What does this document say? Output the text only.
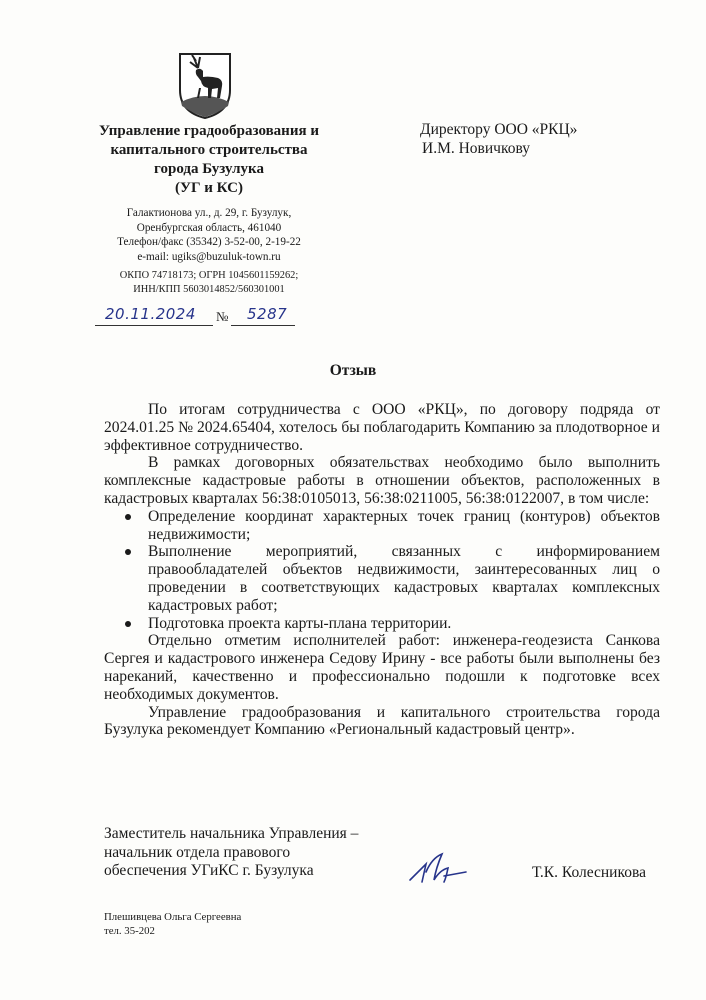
Управление градообразования и
капитального строительства
города Бузулука
(УГ и КС)

Галактионова ул., д. 29, г. Бузулук,
Оренбургская область, 461040
Телефон/факс (35342) 3-52-00, 2-19-22
e-mail: ugiks@buzuluk-town.ru
ОКПО 74718173; ОГРН 1045601159262;
ИНН/КПП 5603014852/560301001
20.11.2024 № 5287
Директору ООО «РКЦ»
И.М. Новичкову
Отзыв

По итогам сотрудничества с ООО «РКЦ», по договору подряда от 2024.01.25 № 2024.65404, хотелось бы поблагодарить Компанию за плодотворное и эффективное сотрудничество.

В рамках договорных обязательствах необходимо было выполнить комплексные кадастровые работы в отношении объектов, расположенных в кадастровых кварталах 56:38:0105013, 56:38:0211005, 56:38:0122007, в том числе:

Определение координат характерных точек границ (контуров) объектов недвижимости;
Выполнение мероприятий, связанных с информированием правообладателей объектов недвижимости, заинтересованных лиц о проведении в соответствующих кадастровых кварталах комплексных кадастровых работ;
Подготовка проекта карты-плана территории.

Отдельно отметим исполнителей работ: инженера-геодезиста Санкова Сергея и кадастрового инженера Седову Ирину - все работы были выполнены без нареканий, качественно и профессионально подошли к подготовке всех необходимых документов.

Управление градообразования и капитального строительства города Бузулука рекомендует Компанию «Региональный кадастровый центр».

Заместитель начальника Управления –
начальник отдела правового
обеспечения УГиКС г. Бузулука	Т.К. Колесникова
Плешивцева Ольга Сергеевна
тел. 35-202
